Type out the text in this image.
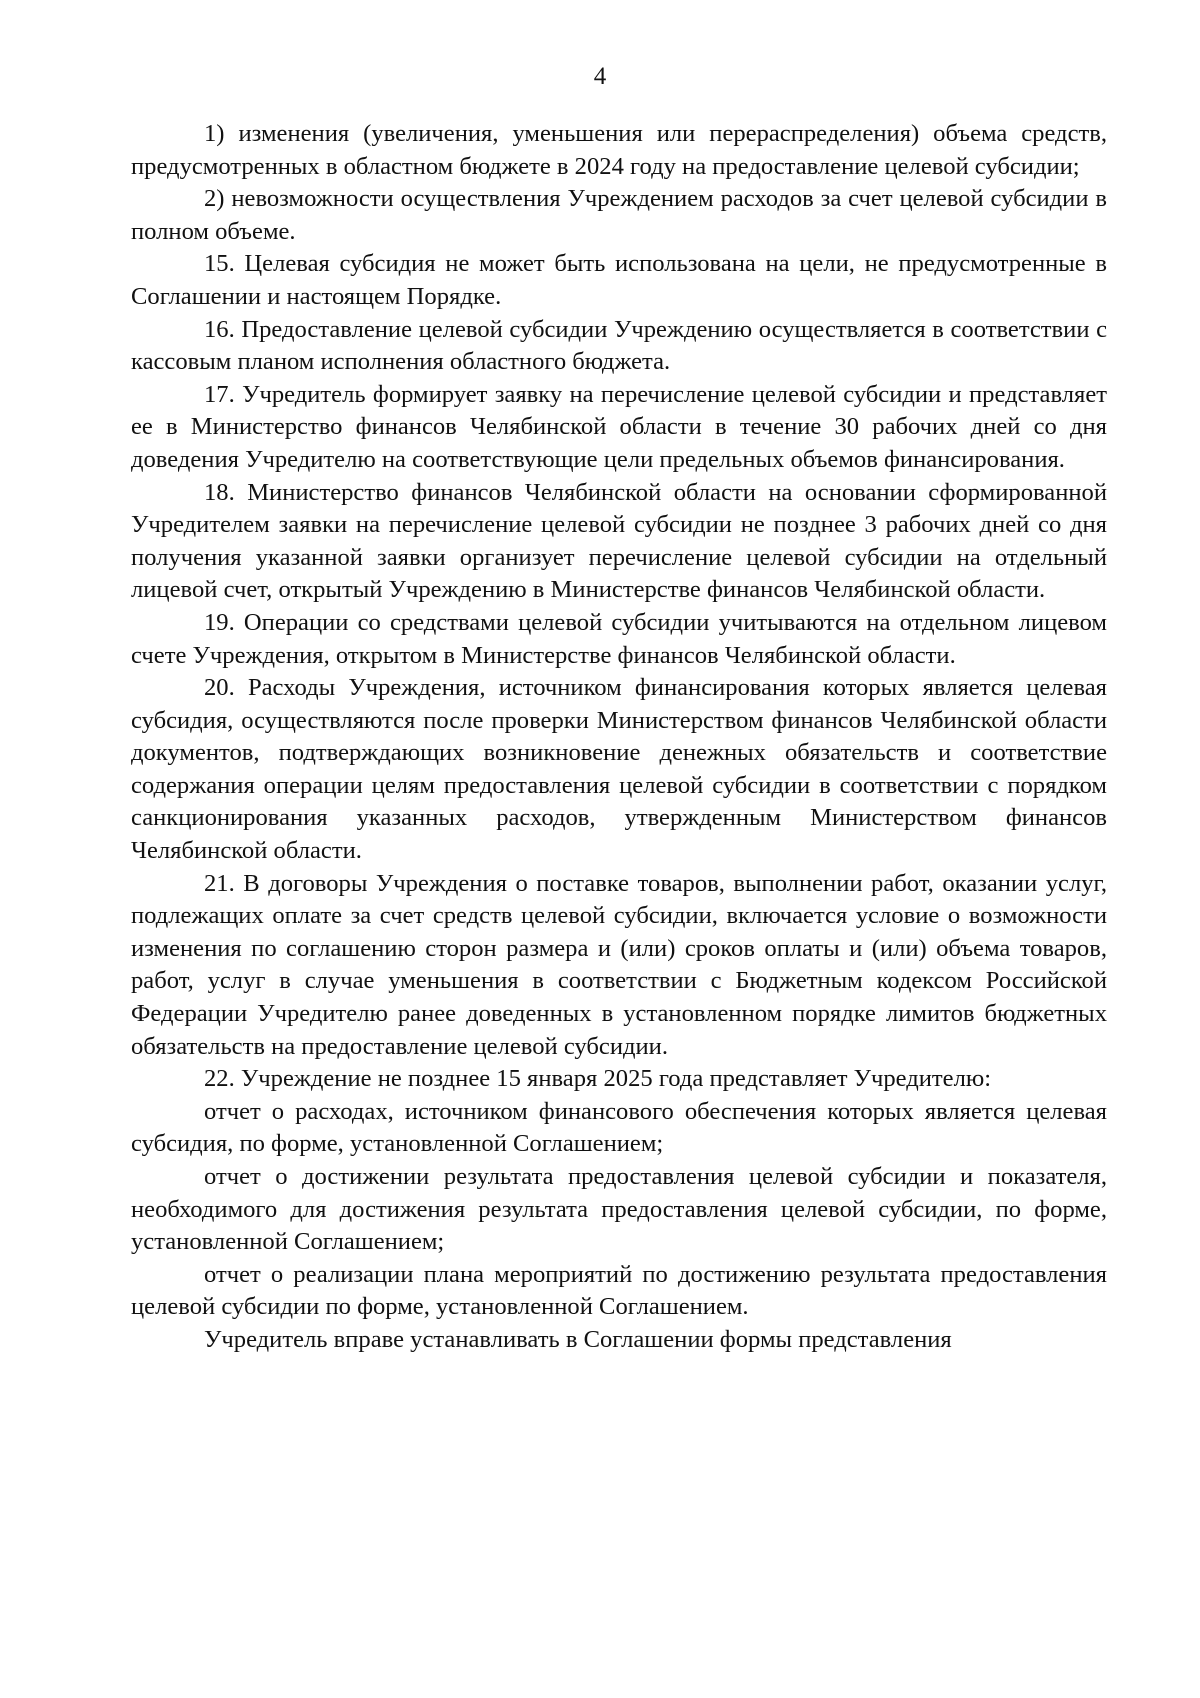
4

1) изменения (увеличения, уменьшения или перераспределения) объема средств, предусмотренных в областном бюджете в 2024 году на предоставление целевой субсидии;

2) невозможности осуществления Учреждением расходов за счет целевой субсидии в полном объеме.

15. Целевая субсидия не может быть использована на цели, не предусмотренные в Соглашении и настоящем Порядке.

16. Предоставление целевой субсидии Учреждению осуществляется в соответствии с кассовым планом исполнения областного бюджета.

17. Учредитель формирует заявку на перечисление целевой субсидии и представляет ее в Министерство финансов Челябинской области в течение 30 рабочих дней со дня доведения Учредителю на соответствующие цели предельных объемов финансирования.

18. Министерство финансов Челябинской области на основании сформированной Учредителем заявки на перечисление целевой субсидии не позднее 3 рабочих дней со дня получения указанной заявки организует перечисление целевой субсидии на отдельный лицевой счет, открытый Учреждению в Министерстве финансов Челябинской области.

19. Операции со средствами целевой субсидии учитываются на отдельном лицевом счете Учреждения, открытом в Министерстве финансов Челябинской области.

20. Расходы Учреждения, источником финансирования которых является целевая субсидия, осуществляются после проверки Министерством финансов Челябинской области документов, подтверждающих возникновение денежных обязательств и соответствие содержания операции целям предоставления целевой субсидии в соответствии с порядком санкционирования указанных расходов, утвержденным Министерством финансов Челябинской области.

21. В договоры Учреждения о поставке товаров, выполнении работ, оказании услуг, подлежащих оплате за счет средств целевой субсидии, включается условие о возможности изменения по соглашению сторон размера и (или) сроков оплаты и (или) объема товаров, работ, услуг в случае уменьшения в соответствии с Бюджетным кодексом Российской Федерации Учредителю ранее доведенных в установленном порядке лимитов бюджетных обязательств на предоставление целевой субсидии.

22. Учреждение не позднее 15 января 2025 года представляет Учредителю:

отчет о расходах, источником финансового обеспечения которых является целевая субсидия, по форме, установленной Соглашением;

отчет о достижении результата предоставления целевой субсидии и показателя, необходимого для достижения результата предоставления целевой субсидии, по форме, установленной Соглашением;

отчет о реализации плана мероприятий по достижению результата предоставления целевой субсидии по форме, установленной Соглашением.

Учредитель вправе устанавливать в Соглашении формы представления
